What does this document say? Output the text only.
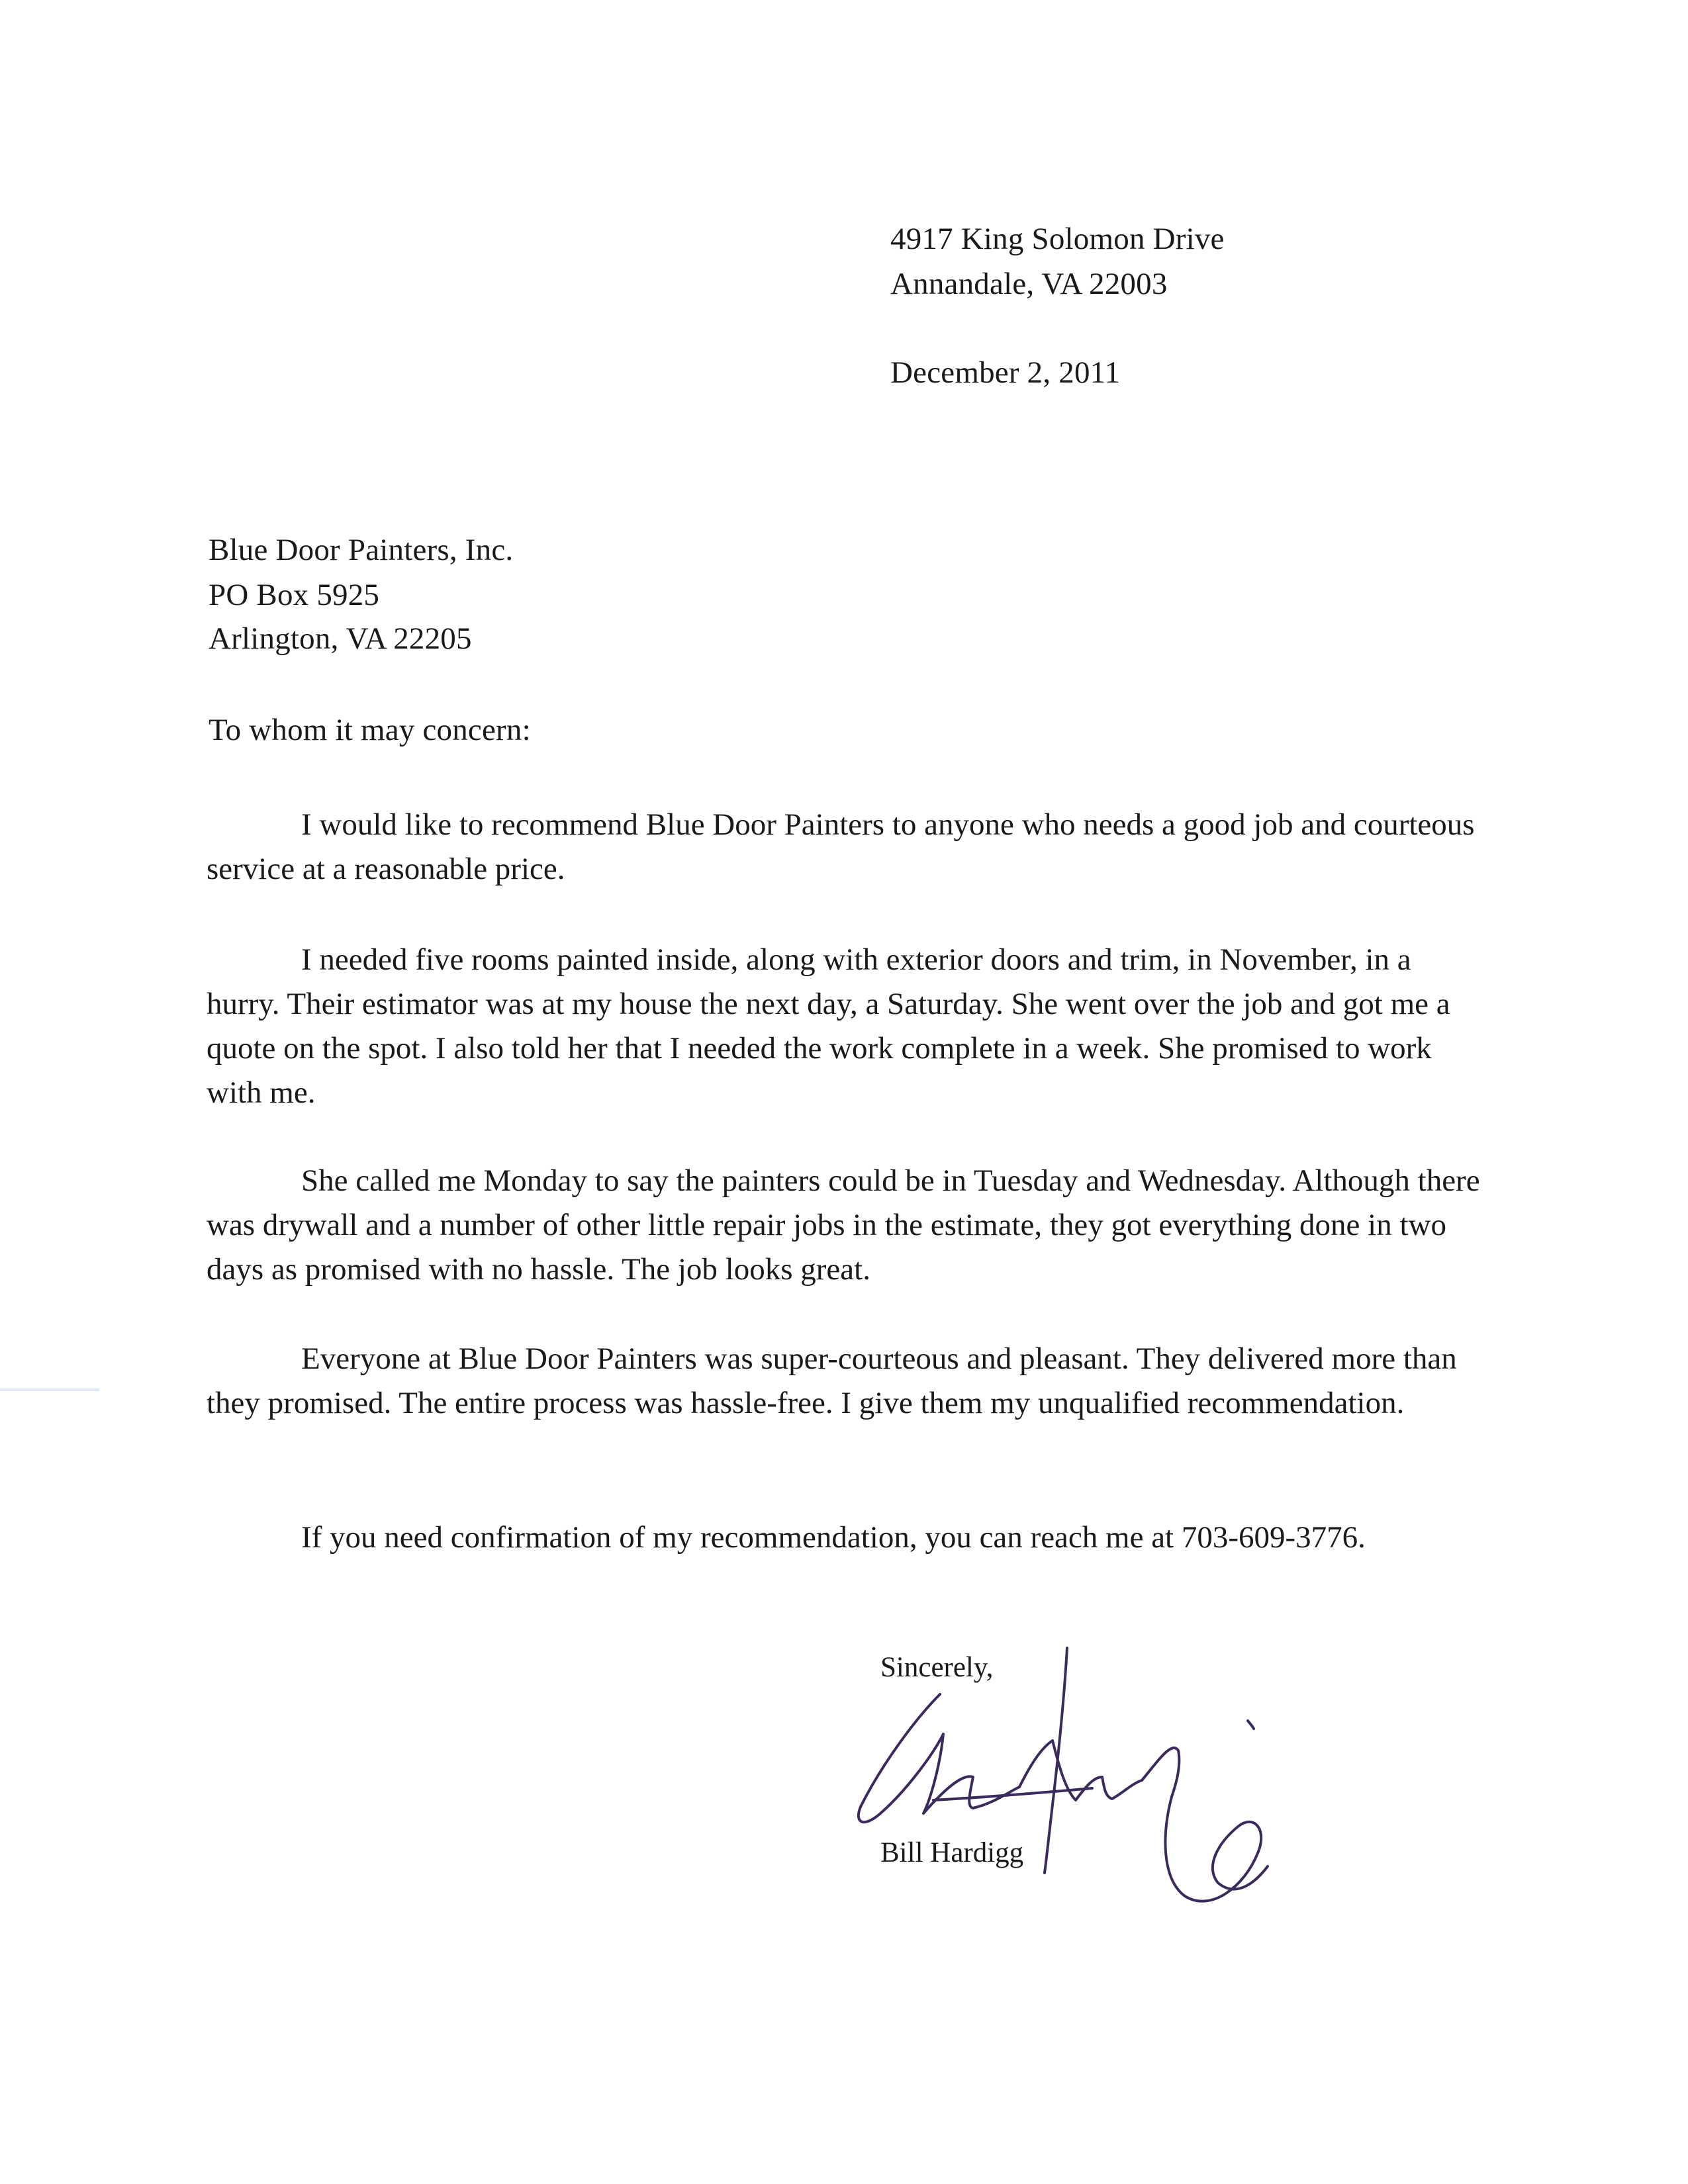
4917 King Solomon Drive
Annandale, VA 22003
December 2, 2011
Blue Door Painters, Inc.
PO Box 5925
Arlington, VA 22205
To whom it may concern:

I would like to recommend Blue Door Painters to anyone who needs a good job and courteous service at a reasonable price.

I needed five rooms painted inside, along with exterior doors and trim, in November, in a hurry. Their estimator was at my house the next day, a Saturday. She went over the job and got me a quote on the spot. I also told her that I needed the work complete in a week. She promised to work with me.

She called me Monday to say the painters could be in Tuesday and Wednesday. Although there was drywall and a number of other little repair jobs in the estimate, they got everything done in two days as promised with no hassle. The job looks great.

Everyone at Blue Door Painters was super-courteous and pleasant. They delivered more than they promised. The entire process was hassle-free. I give them my unqualified recommendation.

If you need confirmation of my recommendation, you can reach me at 703-609-3776.

Sincerely,
Bill Hardigg
